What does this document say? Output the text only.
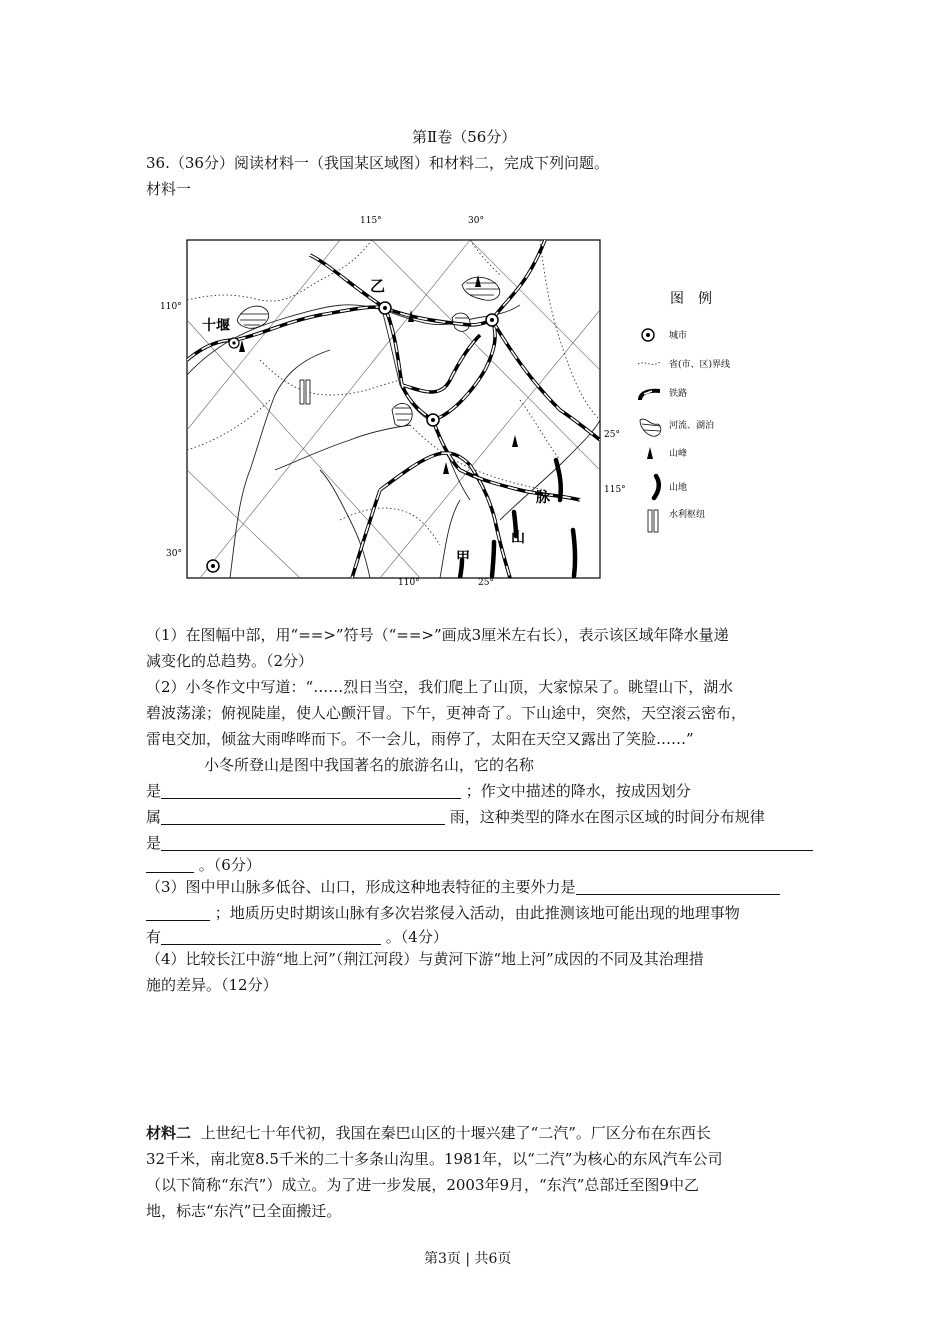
第Ⅱ卷（56分）
36.（36分）阅读材料一（我国某区域图）和材料二，完成下列问题。
材料一
115°	30°
110°
30°
110°	25°
25°
115°
十堰
乙
脉
山
甲
图　例
城市
省(市、区)界线
铁路
河流、湖泊
山峰
山地
水利枢纽
（1）在图幅中部，用“==>”符号（“==>”画成3厘米左右长），表示该区域年降水量递
减变化的总趋势。（2分）
（2）小冬作文中写道：“……烈日当空，我们爬上了山顶，大家惊呆了。眺望山下，湖水
碧波荡漾；俯视陡崖，使人心颤汗冒。下午，更神奇了。下山途中，突然，天空滚云密布，
雷电交加，倾盆大雨哗哗而下。不一会儿，雨停了，太阳在天空又露出了笑脸……”
小冬所登山是图中我国著名的旅游名山，它的名称
是	；作文中描述的降水，按成因划分
属	雨，这种类型的降水在图示区域的时间分布规律
是
。（6分）
（3）图中甲山脉多低谷、山口，形成这种地表特征的主要外力是
；地质历史时期该山脉有多次岩浆侵入活动，由此推测该地可能出现的地理事物
有	。（4分）
（4）比较长江中游“地上河”（荆江河段）与黄河下游“地上河”成因的不同及其治理措
施的差异。（12分）
材料二 上世纪七十年代初，我国在秦巴山区的十堰兴建了“二汽”。厂区分布在东西长
32千米，南北宽8.5千米的二十多条山沟里。1981年，以“二汽”为核心的东风汽车公司
（以下简称“东汽”）成立。为了进一步发展，2003年9月，“东汽”总部迁至图9中乙
地，标志“东汽”已全面搬迁。
第3页 | 共6页
